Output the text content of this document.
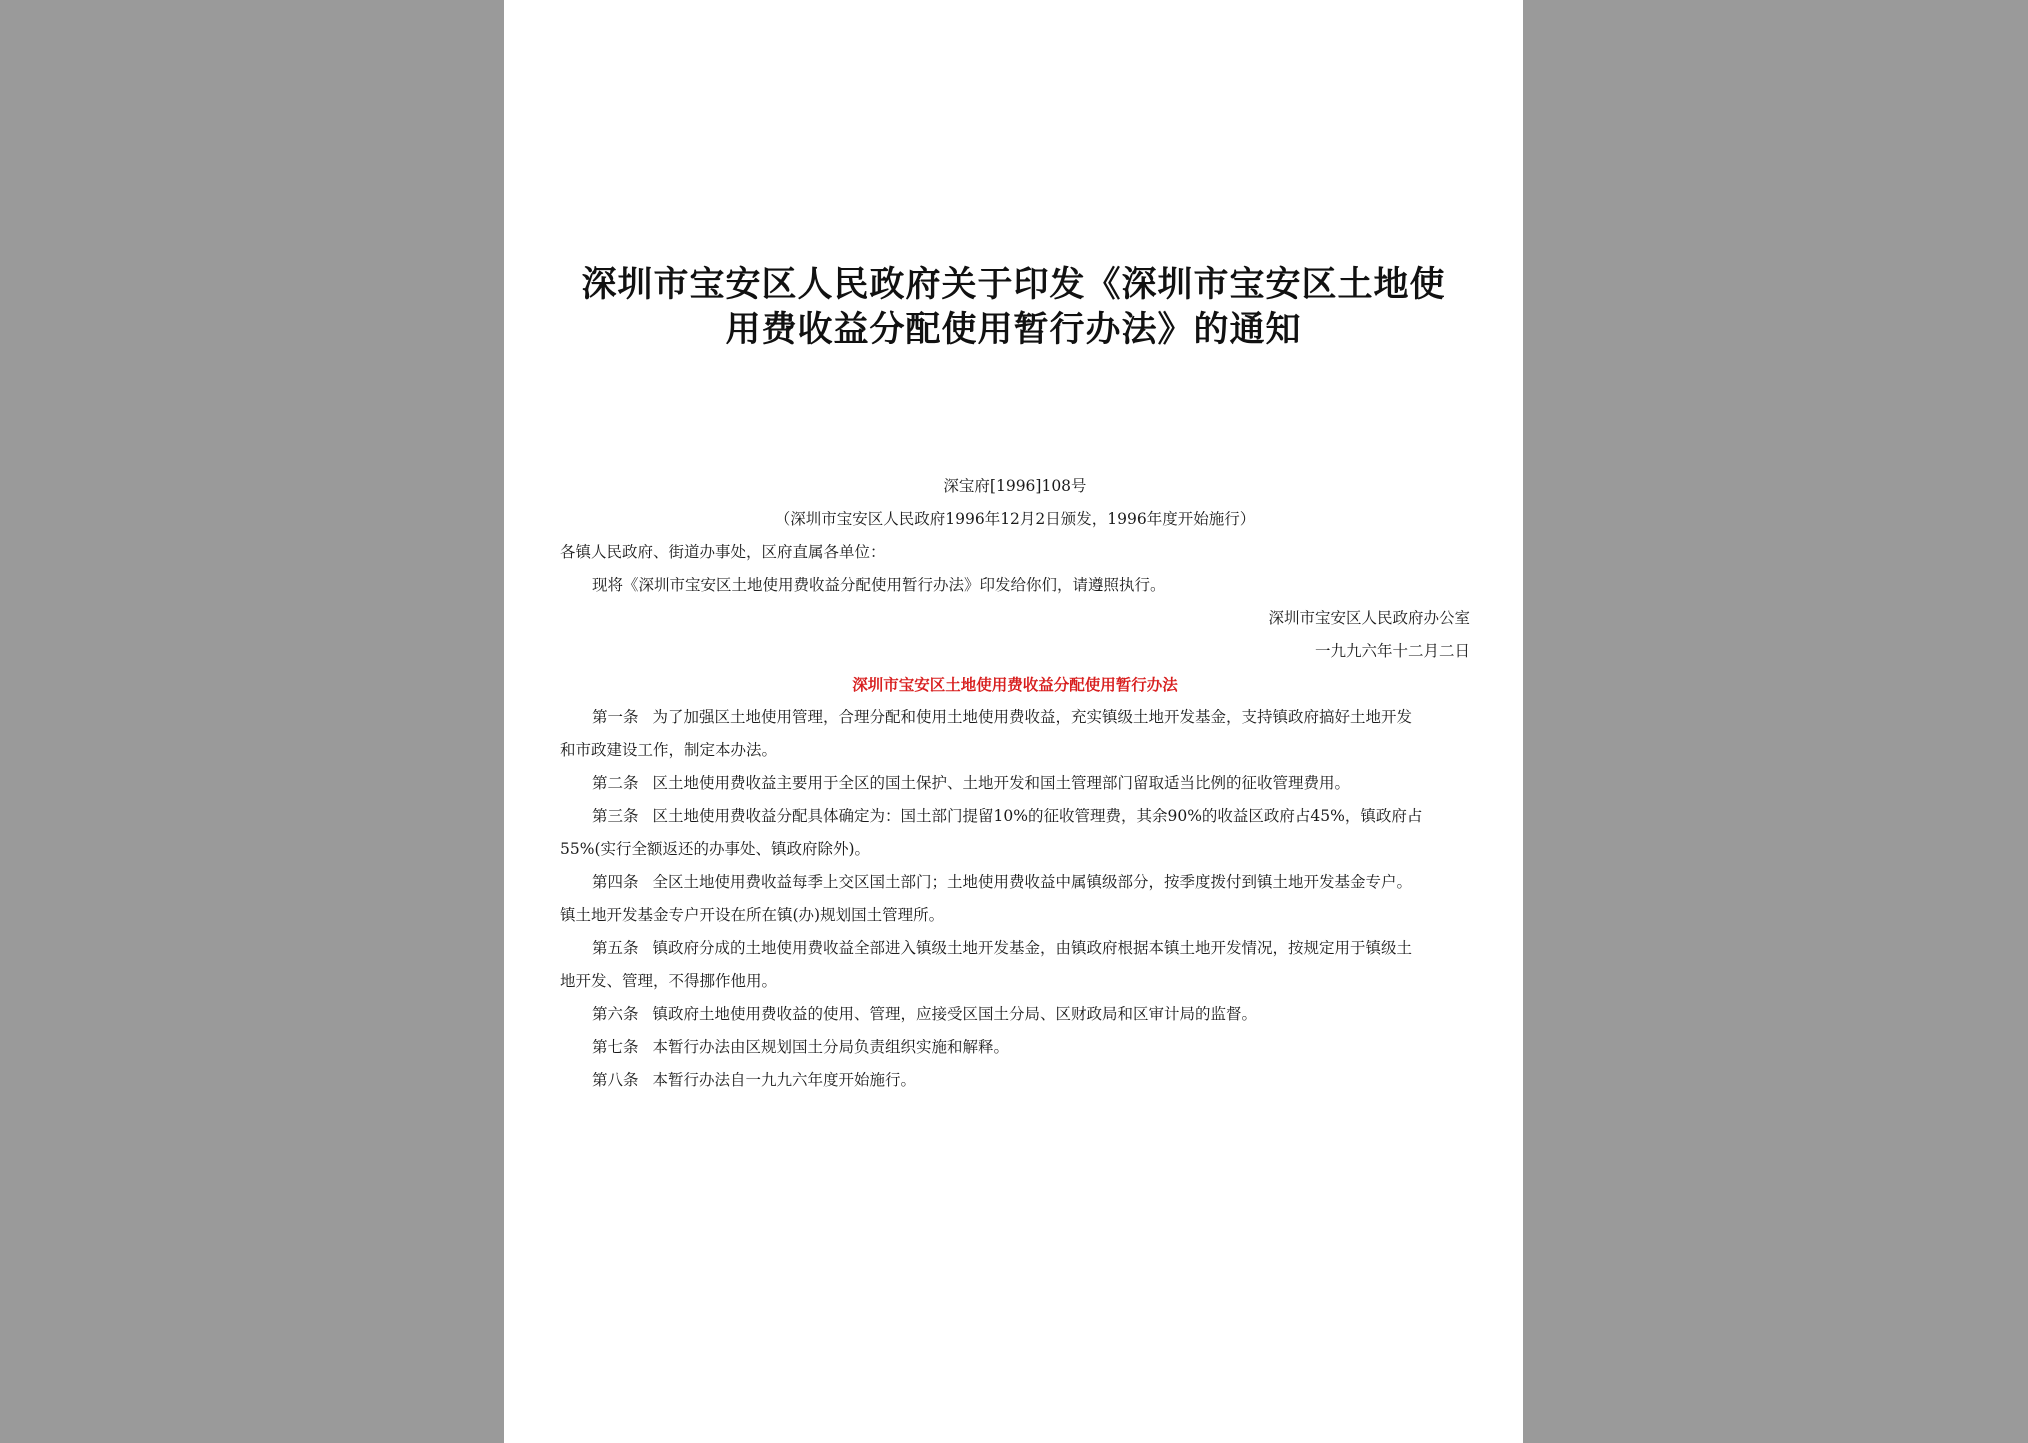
深圳市宝安区人民政府关于印发《深圳市宝安区土地使
用费收益分配使用暂行办法》的通知
深宝府[1996]108号
（深圳市宝安区人民政府1996年12月2日颁发，1996年度开始施行）
各镇人民政府、街道办事处，区府直属各单位：
现将《深圳市宝安区土地使用费收益分配使用暂行办法》印发给你们，请遵照执行。
深圳市宝安区人民政府办公室
一九九六年十二月二日
深圳市宝安区土地使用费收益分配使用暂行办法
第一条 为了加强区土地使用管理，合理分配和使用土地使用费收益，充实镇级土地开发基金，支持镇政府搞好土地开发
和市政建设工作，制定本办法。
第二条 区土地使用费收益主要用于全区的国土保护、土地开发和国土管理部门留取适当比例的征收管理费用。
第三条 区土地使用费收益分配具体确定为：国土部门提留10%的征收管理费，其余90%的收益区政府占45%，镇政府占
55%(实行全额返还的办事处、镇政府除外)。
第四条 全区土地使用费收益每季上交区国土部门；土地使用费收益中属镇级部分，按季度拨付到镇土地开发基金专户。
镇土地开发基金专户开设在所在镇(办)规划国土管理所。
第五条 镇政府分成的土地使用费收益全部进入镇级土地开发基金，由镇政府根据本镇土地开发情况，按规定用于镇级土
地开发、管理，不得挪作他用。
第六条 镇政府土地使用费收益的使用、管理，应接受区国土分局、区财政局和区审计局的监督。
第七条 本暂行办法由区规划国土分局负责组织实施和解释。
第八条 本暂行办法自一九九六年度开始施行。
